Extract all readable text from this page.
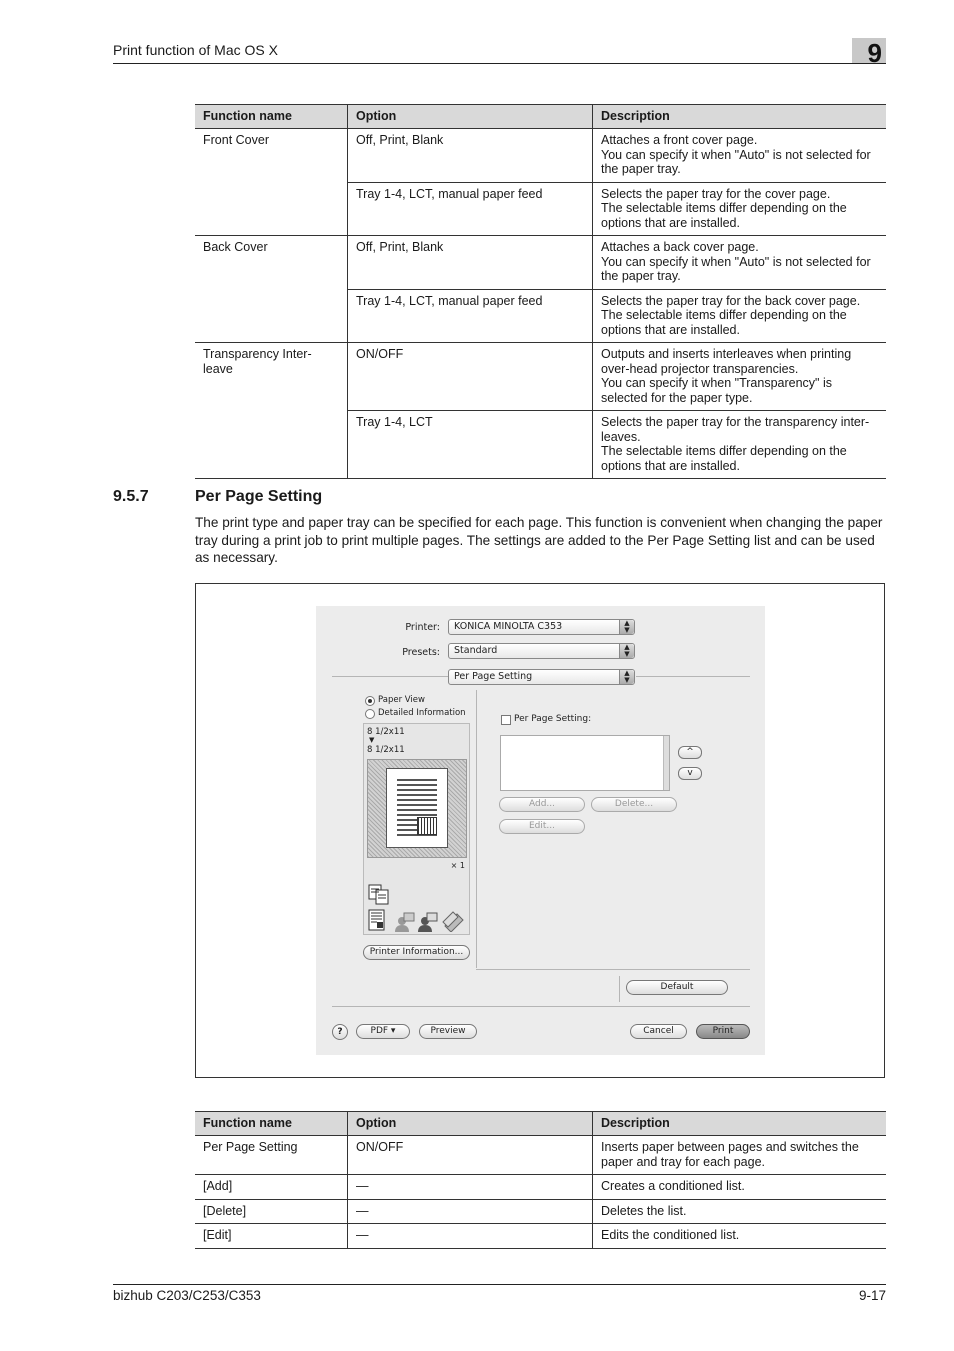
Print function of Mac OS X	9
Function name	Option	Description
Front Cover	Off, Print, Blank	Attaches a front cover page.
You can specify it when "Auto" is not selected for the paper tray.

	Tray 1-4, LCT, manual paper feed	Selects the paper tray for the cover page.
The selectable items differ depending on the options that are installed.

Back Cover	Off, Print, Blank	Attaches a back cover page.
You can specify it when "Auto" is not selected for the paper tray.

	Tray 1-4, LCT, manual paper feed	Selects the paper tray for the back cover page.
The selectable items differ depending on the options that are installed.

Transparency Inter-leave	ON/OFF	Outputs and inserts interleaves when printing over-head projector transparencies.
You can specify it when "Transparency" is selected for the paper type.

	Tray 1-4, LCT	Selects the paper tray for the transparency inter-leaves.
The selectable items differ depending on the options that are installed.
9.5.7	Per Page Setting
The print type and paper tray can be specified for each page. This function is convenient when changing the paper tray during a print job to print multiple pages. The settings are added to the Per Page Setting list and can be used as necessary.
Printer:	KONICA MINOLTA C353	▲
▼
Presets:	Standard	▲
▼
Per Page Setting	▲
▼
Paper View
Detailed Information
8 1/2x11
▼
8 1/2x11
× 1
Printer Information...
Per Page Setting:
^
v
Add...	Delete...
Edit...
Default
?	PDF ▾	Preview	Cancel	Print
Function name	Option	Description
Per Page Setting	ON/OFF	Inserts paper between pages and switches the paper and tray for each page.
[Add]	—	Creates a conditioned list.
[Delete]	—	Deletes the list.
[Edit]	—	Edits the conditioned list.
bizhub C203/C253/C353	9-17
